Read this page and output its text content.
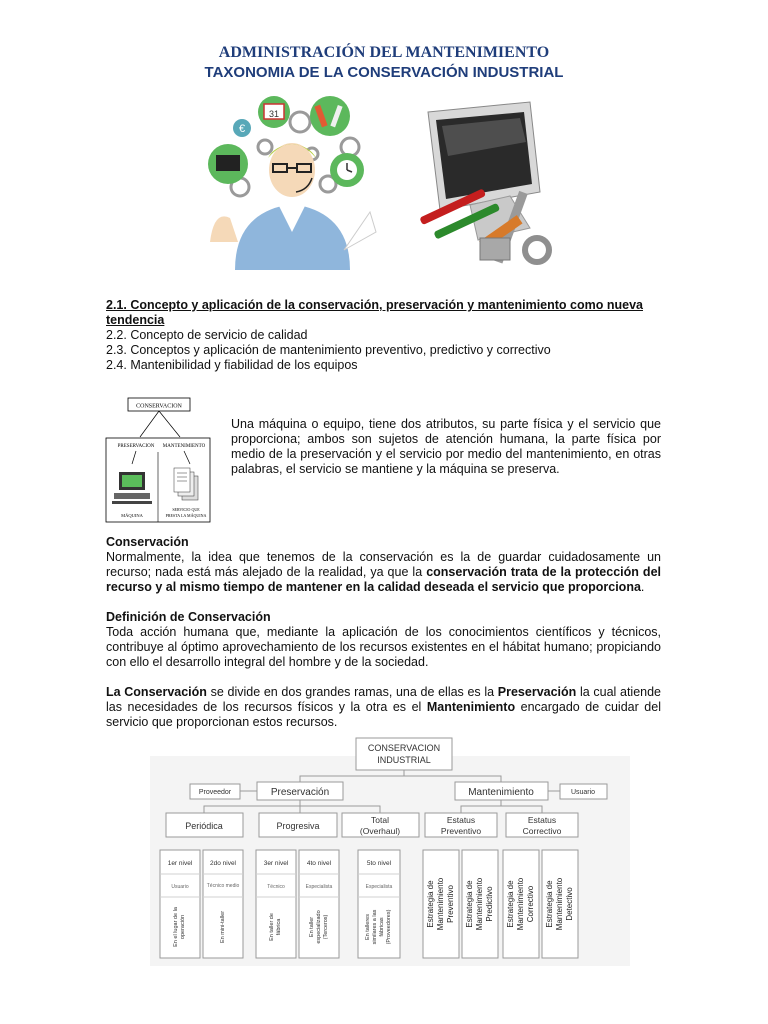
ADMINISTRACIÓN DEL MANTENIMIENTO
TAXONOMIA DE LA CONSERVACIÓN INDUSTRIAL
€
31
2.1. Concepto y aplicación de la conservación, preservación y mantenimiento como nueva tendencia
2.2. Concepto de servicio de calidad
2.3. Conceptos y aplicación de mantenimiento preventivo, predictivo y correctivo
2.4. Mantenibilidad y fiabilidad de los equipos
CONSERVACION
PRESERVACION MANTENIMIENTO
MÁQUINA
SERVICIO QUE
PRESTA LA MÁQUINA
Una máquina o equipo, tiene dos atributos, su parte física y el servicio que proporciona; ambos son sujetos de atención humana, la parte física por medio de la preservación y el servicio por medio del mantenimiento, en otras palabras, el servicio se mantiene y la máquina se preserva.
Conservación
Normalmente, la idea que tenemos de la conservación es la de guardar cuidadosamente un recurso; nada está más alejado de la realidad, ya que la conservación trata de la protección del recurso y al mismo tiempo de mantener en la calidad deseada el servicio que proporciona.
Definición de Conservación
Toda acción humana que, mediante la aplicación de los conocimientos científicos y técnicos, contribuye al óptimo aprovechamiento de los recursos existentes en el hábitat humano; propiciando con ello el desarrollo integral del hombre y de la sociedad.
La Conservación se divide en dos grandes ramas, una de ellas es la Preservación la cual atiende las necesidades de los recursos físicos y la otra es el Mantenimiento encargado de cuidar del servicio que proporcionan estos recursos.
CONSERVACION
INDUSTRIAL
Proveedor	Preservación	Mantenimiento	Usuario
Periódica	Progresiva
Total
(Overhaul)
Estatus
Preventivo
Estatus
Correctivo
1er nivel	2do nivel	3er nivel	4to nivel	5to nivel
Usuario	Técnico medio	Técnico	Especialista	Especialista
En el lugar de la operación	En mini-taller	En taller de fábrica	En taller especializado (Terceros)	En talleres similares a las fábricas (Proveedores)	Estrategia de Mantenimiento Preventivo Estrategia de Mantenimiento Predictivo Estrategia de Mantenimiento Correctivo Estrategia de Mantenimiento Detectivo
